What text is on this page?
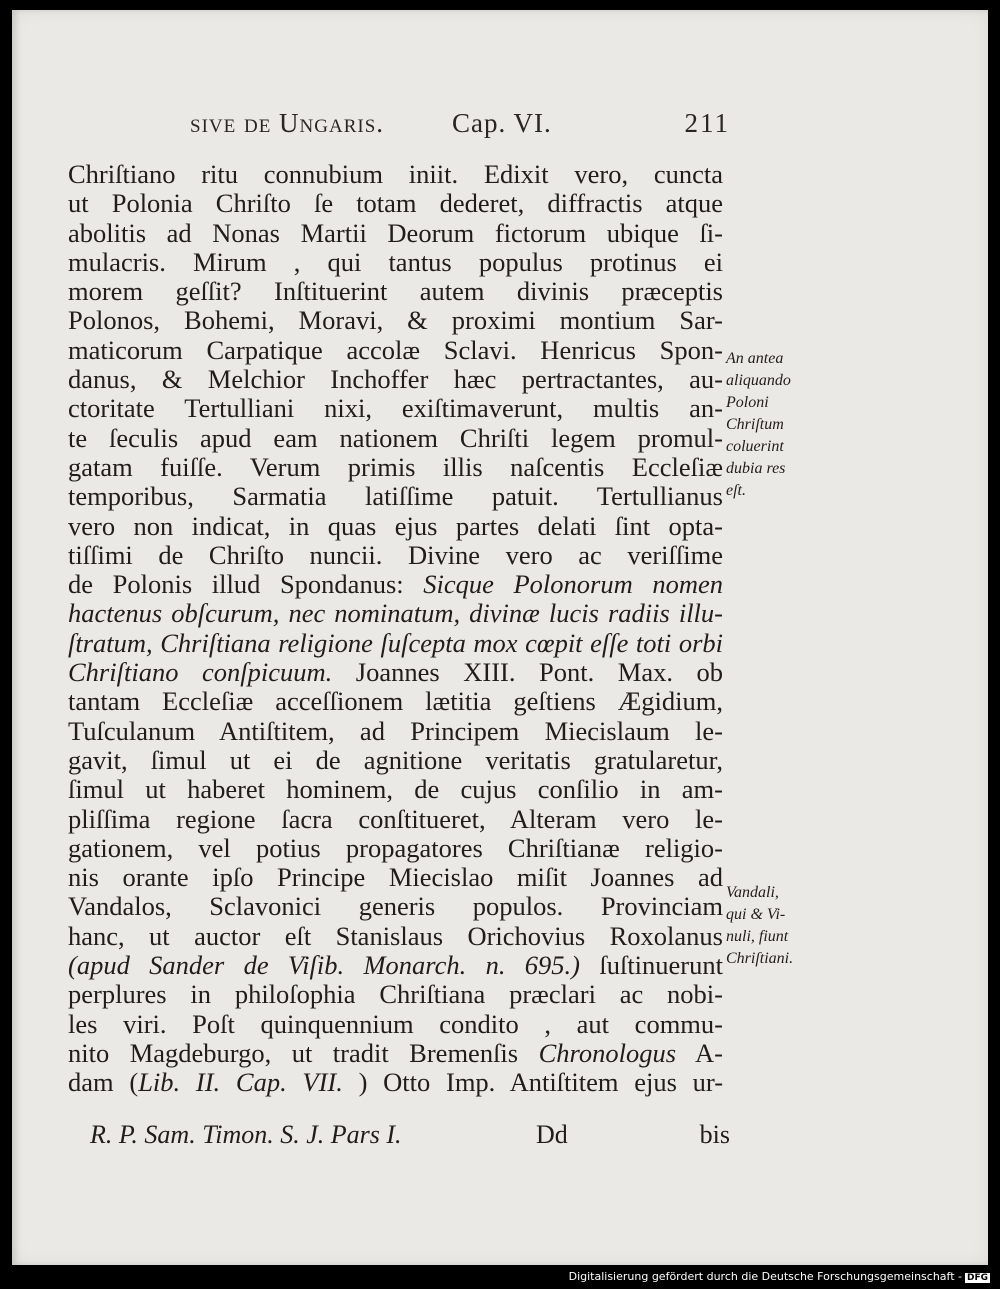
sive de Ungaris.	Cap. VI.	211
Chriſtiano ritu connubium iniit. Edixit vero, cuncta
ut Polonia Chriſto ſe totam dederet, diffractis atque
abolitis ad Nonas Martii Deorum fictorum ubique ſi-
mulacris. Mirum , qui tantus populus protinus ei
morem geſſit? Inſtituerint autem divinis præceptis
Polonos, Bohemi, Moravi, & proximi montium Sar-
maticorum Carpatique accolæ Sclavi. Henricus Spon-
danus, & Melchior Inchoffer hæc pertractantes, au-
ctoritate Tertulliani nixi, exiſtimaverunt, multis an-
te ſeculis apud eam nationem Chriſti legem promul-
gatam fuiſſe. Verum primis illis naſcentis Eccleſiæ
temporibus, Sarmatia latiſſime patuit. Tertullianus
vero non indicat, in quas ejus partes delati ſint opta-
tiſſimi de Chriſto nuncii. Divine vero ac veriſſime
de Polonis illud Spondanus: Sicque Polonorum nomen
hactenus obſcurum, nec nominatum, divinæ lucis radiis illu-
ſtratum, Chriſtiana religione ſuſcepta mox cœpit eſſe toti orbi
Chriſtiano conſpicuum. Joannes XIII. Pont. Max. ob
tantam Eccleſiæ acceſſionem lætitia geſtiens Ægidium,
Tuſculanum Antiſtitem, ad Principem Miecislaum le-
gavit, ſimul ut ei de agnitione veritatis gratularetur,
ſimul ut haberet hominem, de cujus conſilio in am-
pliſſima regione ſacra conſtitueret, Alteram vero le-
gationem, vel potius propagatores Chriſtianæ religio-
nis orante ipſo Principe Miecislao miſit Joannes ad
Vandalos, Sclavonici generis populos. Provinciam
hanc, ut auctor eſt Stanislaus Orichovius Roxolanus
(apud Sander de Viſib. Monarch. n. 695.) ſuſtinuerunt
perplures in philoſophia Chriſtiana præclari ac nobi-
les viri. Poſt quinquennium condito , aut commu-
nito Magdeburgo, ut tradit Bremenſis Chronologus A-
dam (Lib. II. Cap. VII. ) Otto Imp. Antiſtitem ejus ur-
An antea
aliquando
Poloni
Chriſtum
coluerint
dubia res
eſt.
Vandali,
qui & Vi-
nuli, fiunt
Chriſtiani.
R. P. Sam. Timon. S. J. Pars I.	Dd	bis
Digitalisierung gefördert durch die Deutsche Forschungsgemeinschaft - DFG
